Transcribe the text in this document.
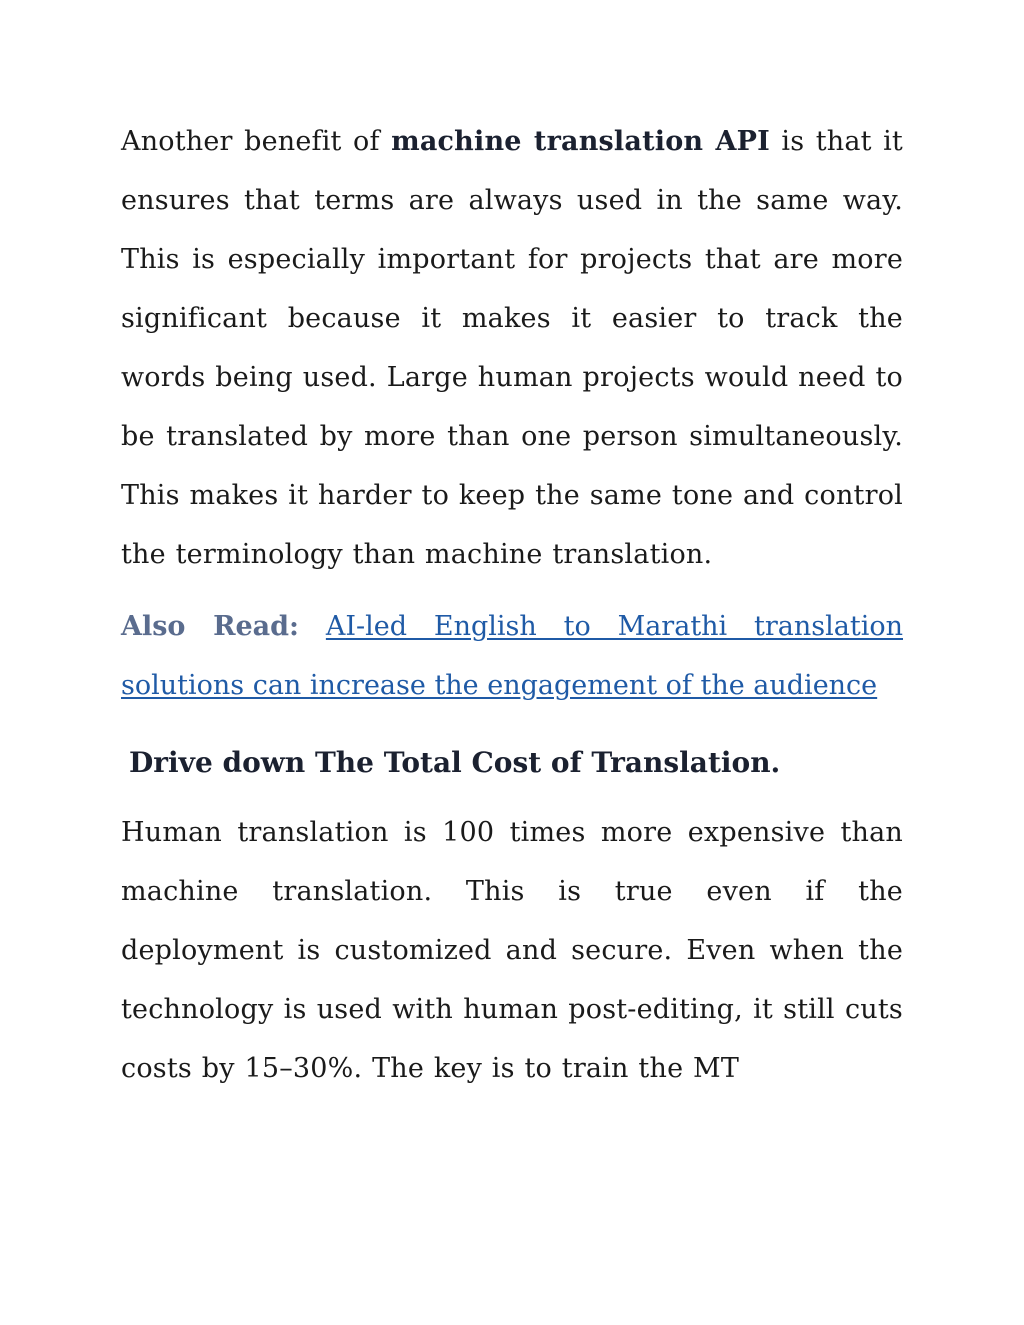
Another benefit of machine translation API is that it ensures that terms are always used in the same way. This is especially important for projects that are more significant because it makes it easier to track the words being used. Large human projects would need to be translated by more than one person simultaneously. This makes it harder to keep the same tone and control the terminology than machine translation.

Also Read: AI-led English to Marathi translation solutions can increase the engagement of the audience

Drive down The Total Cost of Translation.

Human translation is 100 times more expensive than machine translation. This is true even if the deployment is customized and secure. Even when the technology is used with human post-editing, it still cuts costs by 15–30%. The key is to train the MT
